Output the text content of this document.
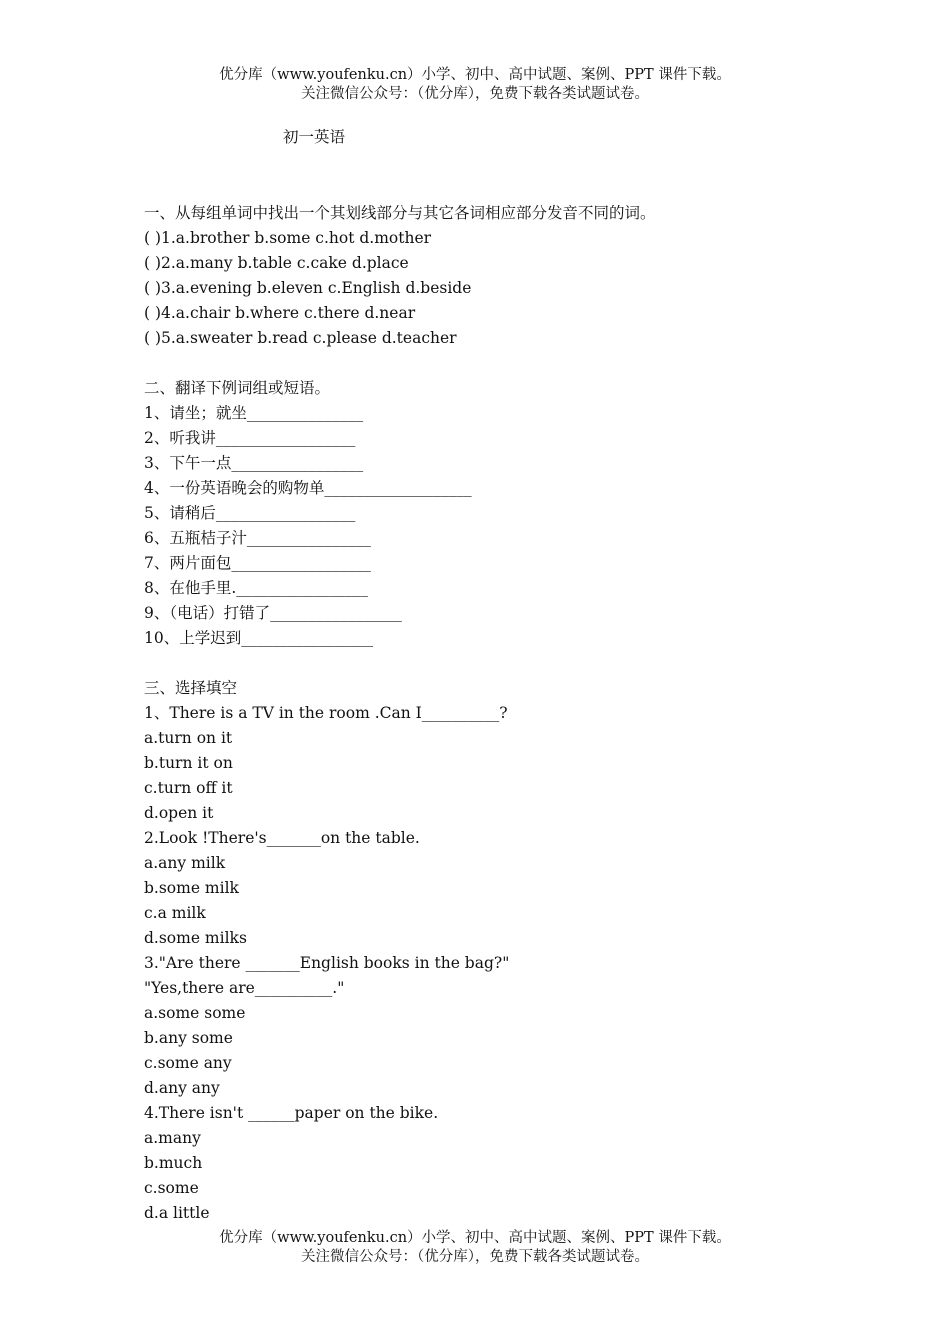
优分库（www.youfenku.cn）小学、初中、高中试题、案例、PPT 课件下载。
关注微信公众号：（优分库），免费下载各类试题试卷。
初一英语
一、从每组单词中找出一个其划线部分与其它各词相应部分发音不同的词。
( )1.a.brother b.some c.hot d.mother
( )2.a.many b.table c.cake d.place
( )3.a.evening b.eleven c.English d.beside
( )4.a.chair b.where c.there d.near
( )5.a.sweater b.read c.please d.teacher
二、翻译下例词组或短语。
1、请坐；就坐_______________
2、听我讲__________________
3、下午一点_________________
4、一份英语晚会的购物单___________________
5、请稍后__________________
6、五瓶桔子汁________________
7、两片面包__________________
8、在他手里._________________
9、（电话）打错了_________________
10、上学迟到_________________
三、选择填空
1、There is a TV in the room .Can I__________?
a.turn on it
b.turn it on
c.turn off it
d.open it
2.Look !There's_______on the table.
a.any milk
b.some milk
c.a milk
d.some milks
3."Are there _______English books in the bag?"
"Yes,there are__________."
a.some some
b.any some
c.some any
d.any any
4.There isn't ______paper on the bike.
a.many
b.much
c.some
d.a little
优分库（www.youfenku.cn）小学、初中、高中试题、案例、PPT 课件下载。
关注微信公众号：（优分库），免费下载各类试题试卷。
